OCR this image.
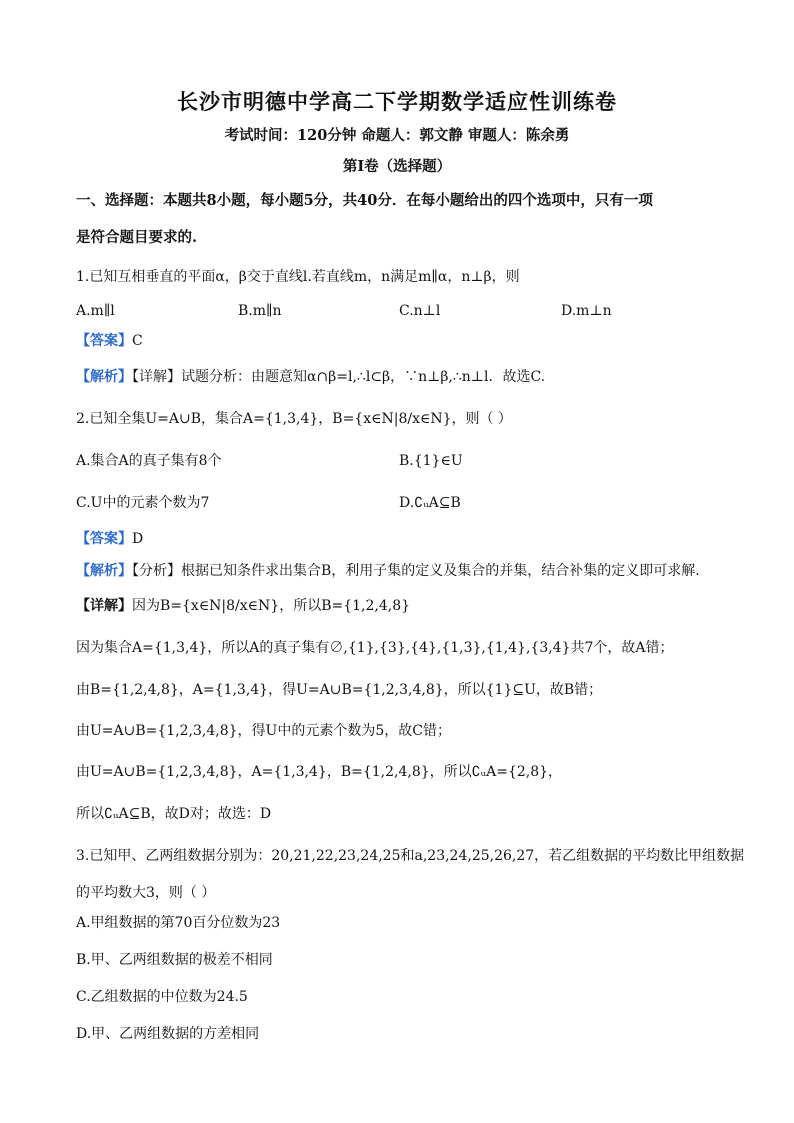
长沙市明德中学高二下学期数学适应性训练卷
考试时间：120分钟 命题人：郭文静 审题人：陈余勇
第I卷（选择题）
一、选择题：本题共8小题，每小题5分，共40分．在每小题给出的四个选项中，只有一项
是符合题目要求的.
1.已知互相垂直的平面α，β交于直线l.若直线m，n满足m∥α，n⊥β，则
A.m∥l	B.m∥n	C.n⊥l	D.m⊥n
【答案】C
【解析】【详解】试题分析：由题意知α∩β=l,∴l⊂β，∵n⊥β,∴n⊥l．故选C.
2.已知全集U=A∪B，集合A={1,3,4}，B={x∈N|8/x∈N}，则（ ）
A.集合A的真子集有8个	B.{1}∈U
C.U中的元素个数为7	D.∁ᵤA⊆B
【答案】D
【解析】【分析】根据已知条件求出集合B，利用子集的定义及集合的并集，结合补集的定义即可求解.
【详解】因为B={x∈N|8/x∈N}，所以B={1,2,4,8}
因为集合A={1,3,4}，所以A的真子集有∅,{1},{3},{4},{1,3},{1,4},{3,4}共7个，故A错；
由B={1,2,4,8}，A={1,3,4}，得U=A∪B={1,2,3,4,8}，所以{1}⊆U，故B错；
由U=A∪B={1,2,3,4,8}，得U中的元素个数为5，故C错；
由U=A∪B={1,2,3,4,8}，A={1,3,4}，B={1,2,4,8}，所以∁ᵤA={2,8}，
所以∁ᵤA⊆B，故D对；故选：D
3.已知甲、乙两组数据分别为：20,21,22,23,24,25和a,23,24,25,26,27，若乙组数据的平均数比甲组数据
的平均数大3，则（ ）
A.甲组数据的第70百分位数为23
B.甲、乙两组数据的极差不相同
C.乙组数据的中位数为24.5
D.甲、乙两组数据的方差相同
